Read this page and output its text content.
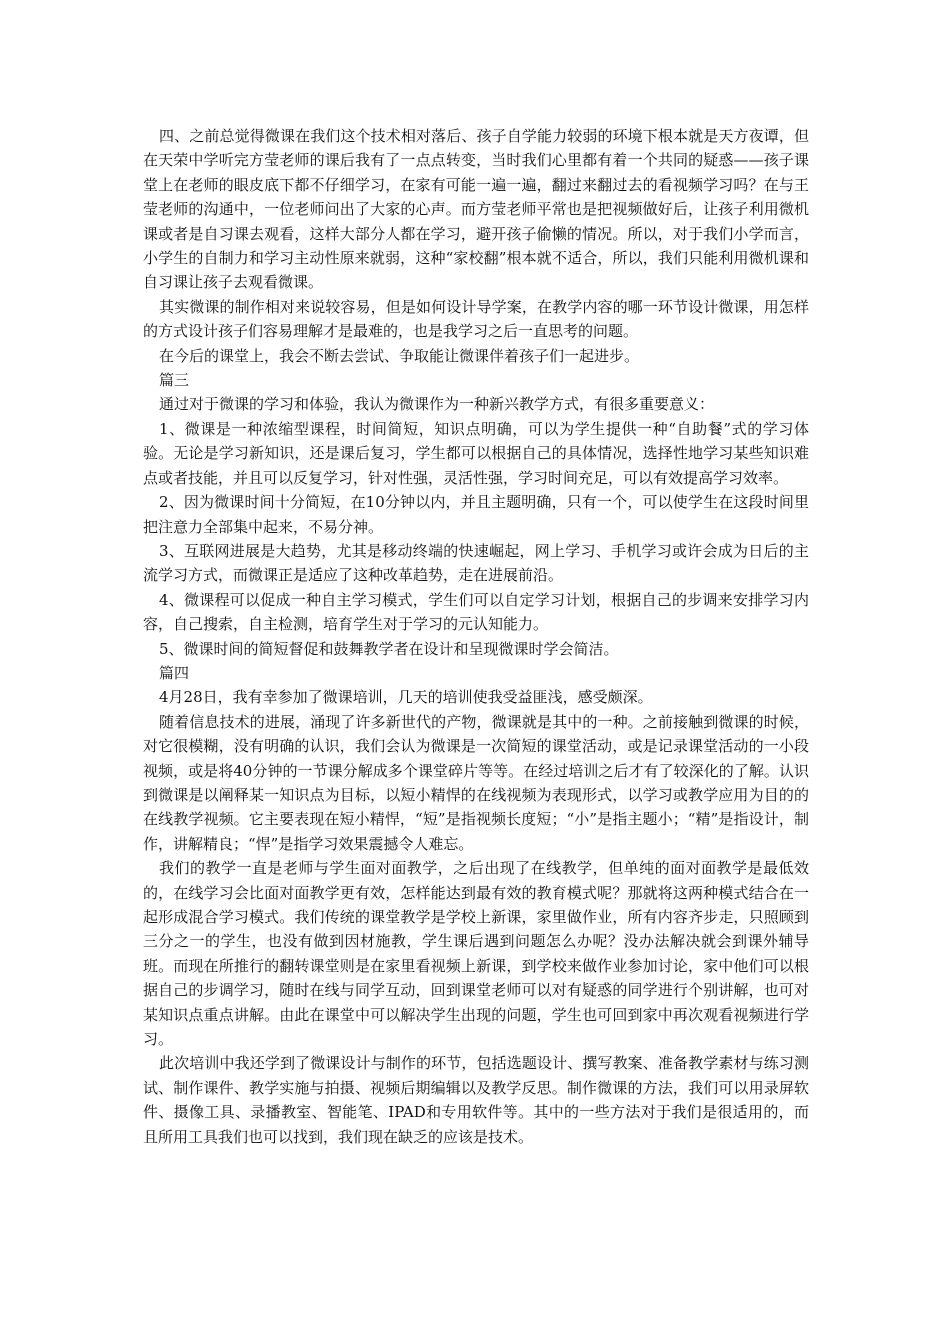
四、之前总觉得微课在我们这个技术相对落后、孩子自学能力较弱的环境下根本就是天方夜谭，但在天荣中学听完方莹老师的课后我有了一点点转变，当时我们心里都有着一个共同的疑惑——孩子课堂上在老师的眼皮底下都不仔细学习，在家有可能一遍一遍，翻过来翻过去的看视频学习吗？在与王莹老师的沟通中，一位老师问出了大家的心声。而方莹老师平常也是把视频做好后，让孩子利用微机课或者是自习课去观看，这样大部分人都在学习，避开孩子偷懒的情况。所以，对于我们小学而言，小学生的自制力和学习主动性原来就弱，这种“家校翻”根本就不适合，所以，我们只能利用微机课和自习课让孩子去观看微课。

其实微课的制作相对来说较容易，但是如何设计导学案，在教学内容的哪一环节设计微课，用怎样的方式设计孩子们容易理解才是最难的，也是我学习之后一直思考的问题。

在今后的课堂上，我会不断去尝试、争取能让微课伴着孩子们一起进步。

篇三

通过对于微课的学习和体验，我认为微课作为一种新兴教学方式，有很多重要意义：

1、微课是一种浓缩型课程，时间简短，知识点明确，可以为学生提供一种“自助餐”式的学习体验。无论是学习新知识，还是课后复习，学生都可以根据自己的具体情况，选择性地学习某些知识难点或者技能，并且可以反复学习，针对性强，灵活性强，学习时间充足，可以有效提高学习效率。

2、因为微课时间十分简短，在10分钟以内，并且主题明确，只有一个，可以使学生在这段时间里把注意力全部集中起来，不易分神。

3、互联网进展是大趋势，尤其是移动终端的快速崛起，网上学习、手机学习或许会成为日后的主流学习方式，而微课正是适应了这种改革趋势，走在进展前沿。

4、微课程可以促成一种自主学习模式，学生们可以自定学习计划，根据自己的步调来安排学习内容，自己搜索，自主检测，培育学生对于学习的元认知能力。

5、微课时间的简短督促和鼓舞教学者在设计和呈现微课时学会简洁。

篇四

4月28日，我有幸参加了微课培训，几天的培训使我受益匪浅，感受颇深。

随着信息技术的进展，涌现了许多新世代的产物，微课就是其中的一种。之前接触到微课的时候，对它很模糊，没有明确的认识，我们会认为微课是一次简短的课堂活动，或是记录课堂活动的一小段视频，或是将40分钟的一节课分解成多个课堂碎片等等。在经过培训之后才有了较深化的了解。认识到微课是以阐释某一知识点为目标，以短小精悍的在线视频为表现形式，以学习或教学应用为目的的在线教学视频。它主要表现在短小精悍，“短”是指视频长度短；“小”是指主题小；“精”是指设计，制作，讲解精良；“悍”是指学习效果震撼令人难忘。

我们的教学一直是老师与学生面对面教学，之后出现了在线教学，但单纯的面对面教学是最低效的，在线学习会比面对面教学更有效，怎样能达到最有效的教育模式呢？那就将这两种模式结合在一起形成混合学习模式。我们传统的课堂教学是学校上新课，家里做作业，所有内容齐步走，只照顾到三分之一的学生，也没有做到因材施教，学生课后遇到问题怎么办呢？没办法解决就会到课外辅导班。而现在所推行的翻转课堂则是在家里看视频上新课，到学校来做作业参加讨论，家中他们可以根据自己的步调学习，随时在线与同学互动，回到课堂老师可以对有疑惑的同学进行个别讲解，也可对某知识点重点讲解。由此在课堂中可以解决学生出现的问题，学生也可回到家中再次观看视频进行学习。

此次培训中我还学到了微课设计与制作的环节，包括选题设计、撰写教案、准备教学素材与练习测试、制作课件、教学实施与拍摄、视频后期编辑以及教学反思。制作微课的方法，我们可以用录屏软件、摄像工具、录播教室、智能笔、IPAD和专用软件等。其中的一些方法对于我们是很适用的，而且所用工具我们也可以找到，我们现在缺乏的应该是技术。
